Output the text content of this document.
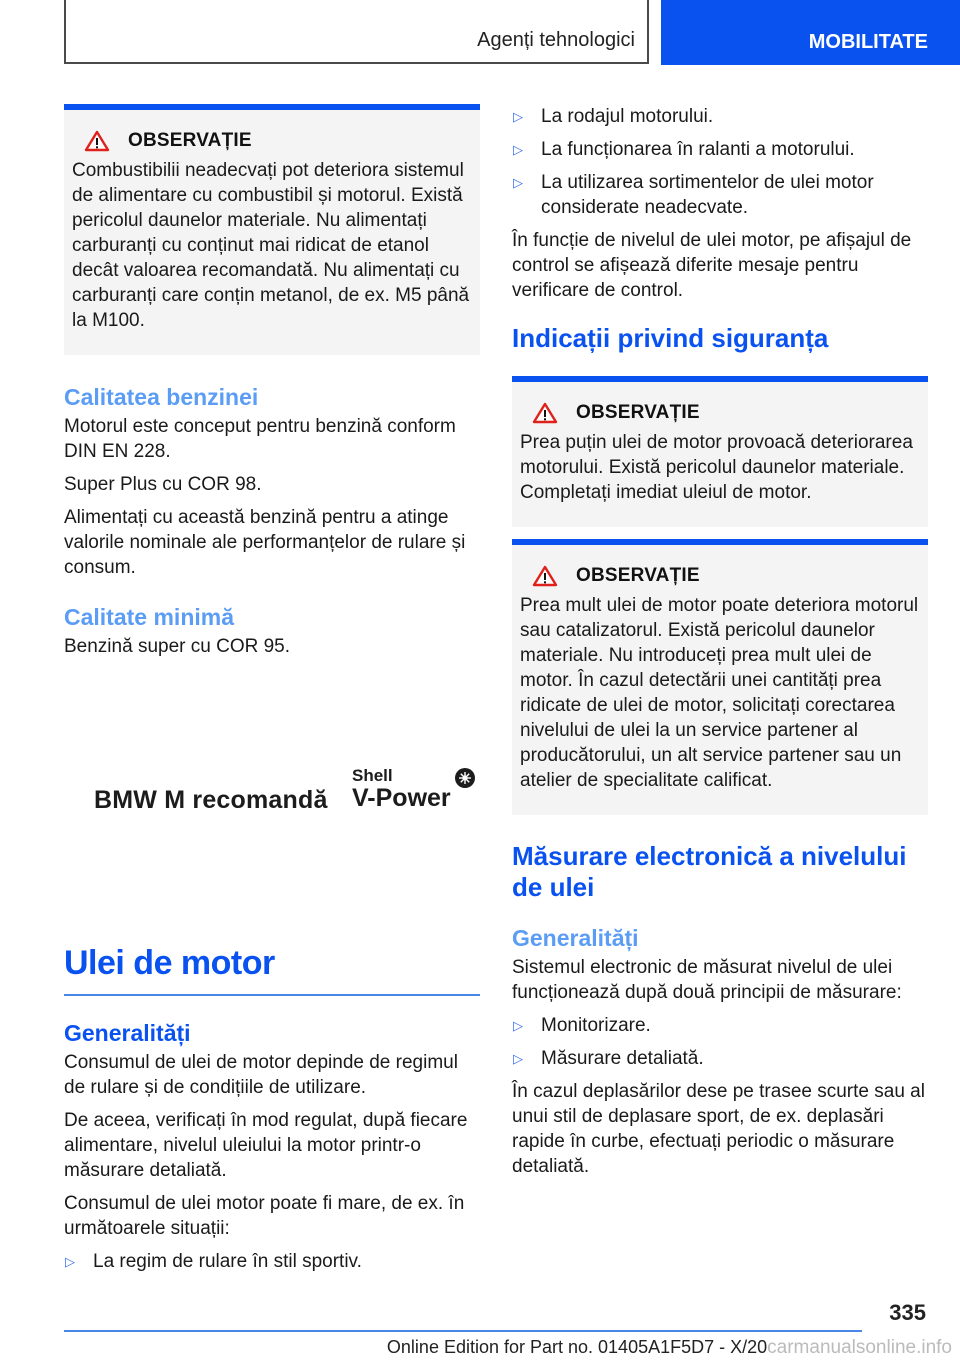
Agenți tehnologici	MOBILITATE
OBSERVAȚIE
Combustibilii neadecvați pot deteriora sistemul de alimentare cu combustibil și motorul. Există pericolul daunelor materiale. Nu alimentați carburanți cu conținut mai ridicat de etanol decât valoarea recomandată. Nu alimentați cu carburanți care conțin metanol, de ex. M5 până la M100.
Calitatea benzinei
Motorul este conceput pentru benzină conform DIN EN 228.
Super Plus cu COR 98.
Alimentați cu această benzină pentru a atinge valorile nominale ale performanțelor de rulare și consum.
Calitate minimă
Benzină super cu COR 95.
Ulei de motor
Generalități
Consumul de ulei de motor depinde de regimul de rulare și de condițiile de utilizare.
De aceea, verificați în mod regulat, după fiecare alimentare, nivelul uleiului la motor printr-o măsurare detaliată.
Consumul de ulei motor poate fi mare, de ex. în următoarele situații:
▷ La regim de rulare în stil sportiv.
BMW M recomandă
Shell
V-Power
▷ La rodajul motorului.
▷ La funcționarea în ralanti a motorului.
▷ La utilizarea sortimentelor de ulei motor considerate neadecvate.
În funcție de nivelul de ulei motor, pe afișajul de control se afișează diferite mesaje pentru verificare de control.
Indicații privind siguranța
OBSERVAȚIE
Prea puțin ulei de motor provoacă deteriorarea motorului. Există pericolul daunelor materiale. Completați imediat uleiul de motor.
OBSERVAȚIE
Prea mult ulei de motor poate deteriora motorul sau catalizatorul. Există pericolul daunelor materiale. Nu introduceți prea mult ulei de motor. În cazul detectării unei cantități prea ridicate de ulei de motor, solicitați corectarea nivelului de ulei la un service partener al producătorului, un alt service partener sau un atelier de specialitate calificat.
Măsurare electronică a nivelului de ulei
Generalități
Sistemul electronic de măsurat nivelul de ulei funcționează după două principii de măsurare:
▷ Monitorizare.
▷ Măsurare detaliată.
În cazul deplasărilor dese pe trasee scurte sau al unui stil de deplasare sport, de ex. deplasări rapide în curbe, efectuați periodic o măsurare detaliată.
335
Online Edition for Part no. 01405A1F5D7 - X/20carmanualsonline.info
